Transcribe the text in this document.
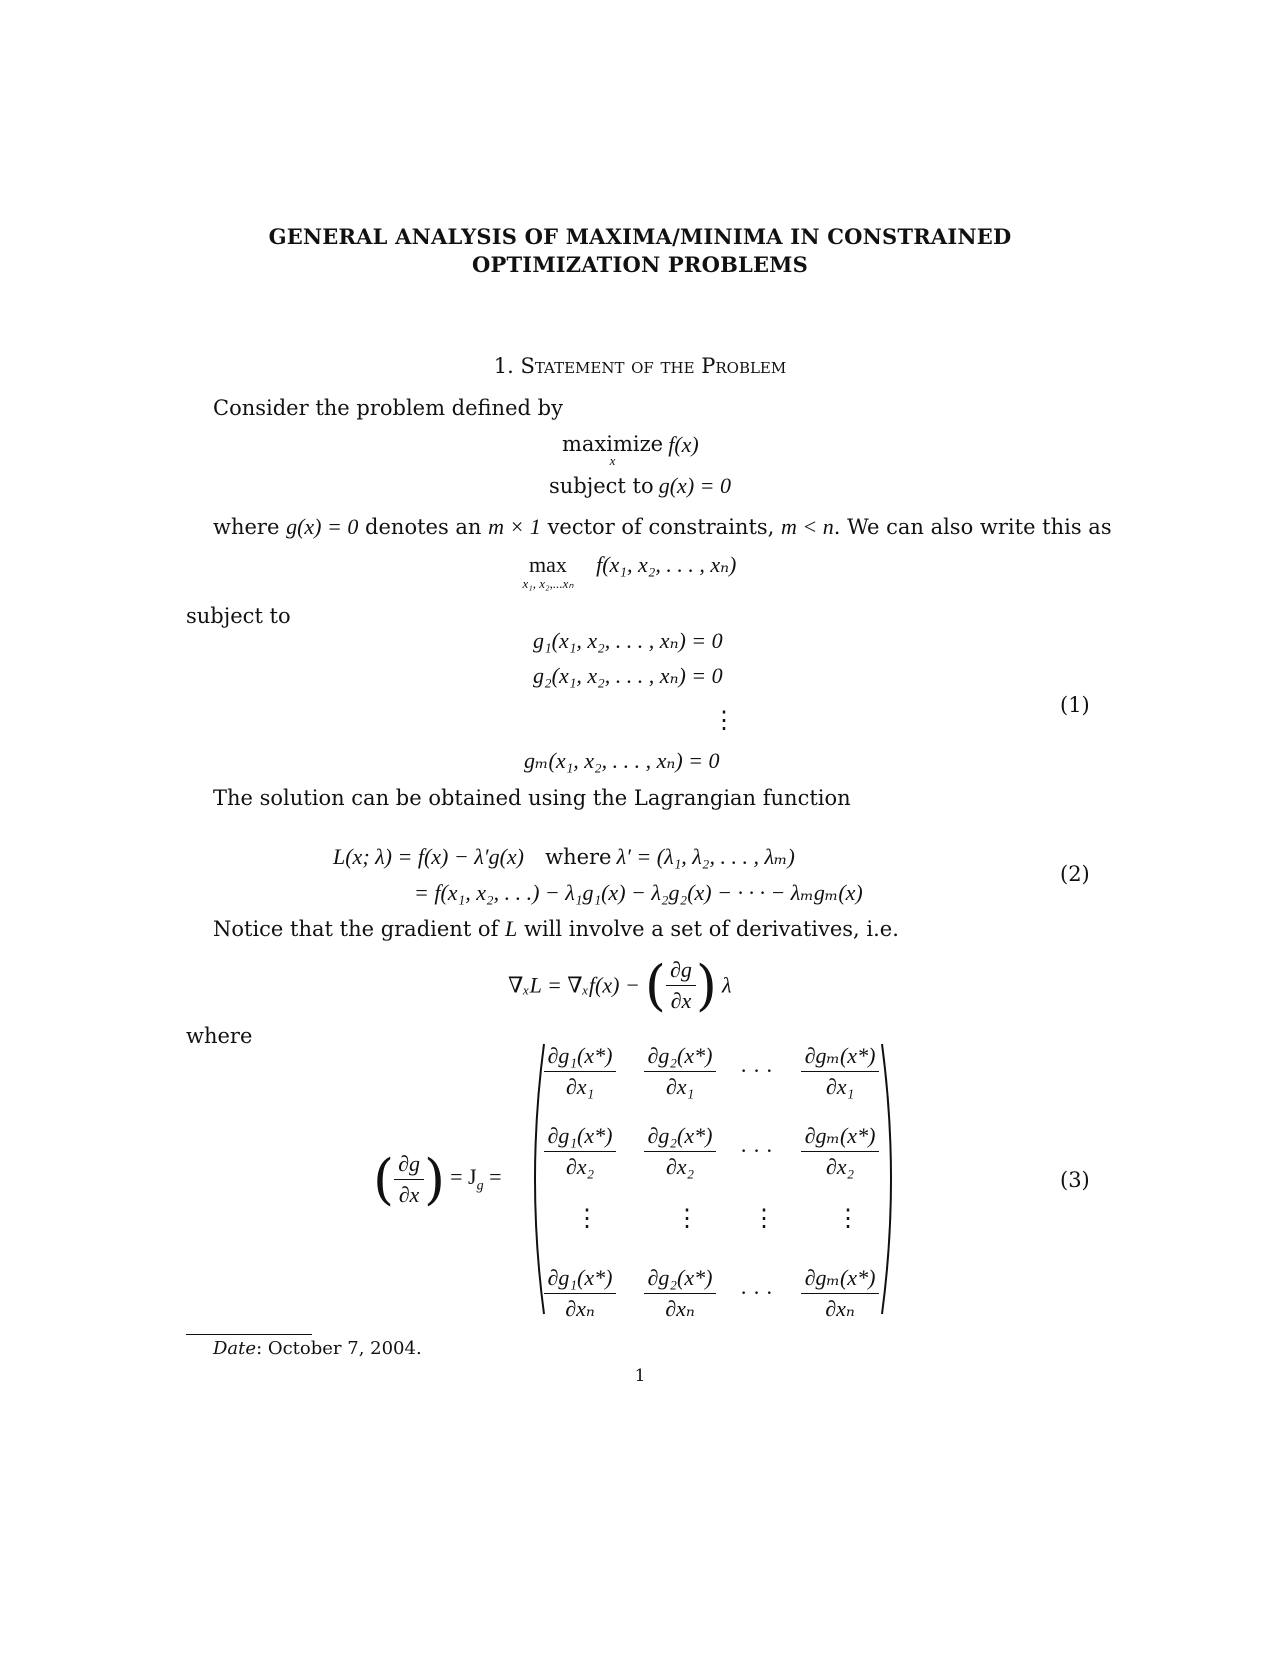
GENERAL ANALYSIS OF MAXIMA/MINIMA IN CONSTRAINED
OPTIMIZATION PROBLEMS
1. Statement of the Problem
Consider the problem defined by
maximize
x
f(x)
subject to g(x) = 0
where g(x) = 0 denotes an m × 1 vector of constraints, m < n. We can also write this as
max
x₁, x₂,...xₙ
f(x₁, x₂, . . . , xₙ)
subject to
g₁(x₁, x₂, . . . , xₙ) = 0
g₂(x₁, x₂, . . . , xₙ) = 0
⋮
gₘ(x₁, x₂, . . . , xₙ) = 0
(1)
The solution can be obtained using the Lagrangian function
L(x; λ) = f(x) − λ′g(x) where λ′ = (λ₁, λ₂, . . . , λₘ)
= f(x₁, x₂, . . .) − λ₁g₁(x) − λ₂g₂(x) − · · · − λₘgₘ(x)
(2)
Notice that the gradient of L will involve a set of derivatives, i.e.
∇ₓL = ∇ₓf(x) − ( $\frac{\partial g}{\partial x}$ ) λ
where
( $\frac{\partial g}{\partial x}$ ) = $J_g$ =
$\frac{\text{∂g₁(x*)}}{\text{∂x₁}} \frac{\text{∂g₂(x*)}}{\text{∂x₁}}$ · · · $\frac{\text{∂gₘ(x*)}}{\text{∂x₁}}$
$\frac{\text{∂g₁(x*)}}{\text{∂x₂}} \frac{\text{∂g₂(x*)}}{\text{∂x₂}}$ · · · $\frac{\text{∂gₘ(x*)}}{\text{∂x₂}}$
⋮	⋮ ⋮	⋮
$\frac{\text{∂g₁(x*)}}{\text{∂xₙ}} \frac{\text{∂g₂(x*)}}{\text{∂xₙ}}$ · · · $\frac{\text{∂gₘ(x*)}}{\text{∂xₙ}}$
(3)
Date: October 7, 2004.
1
